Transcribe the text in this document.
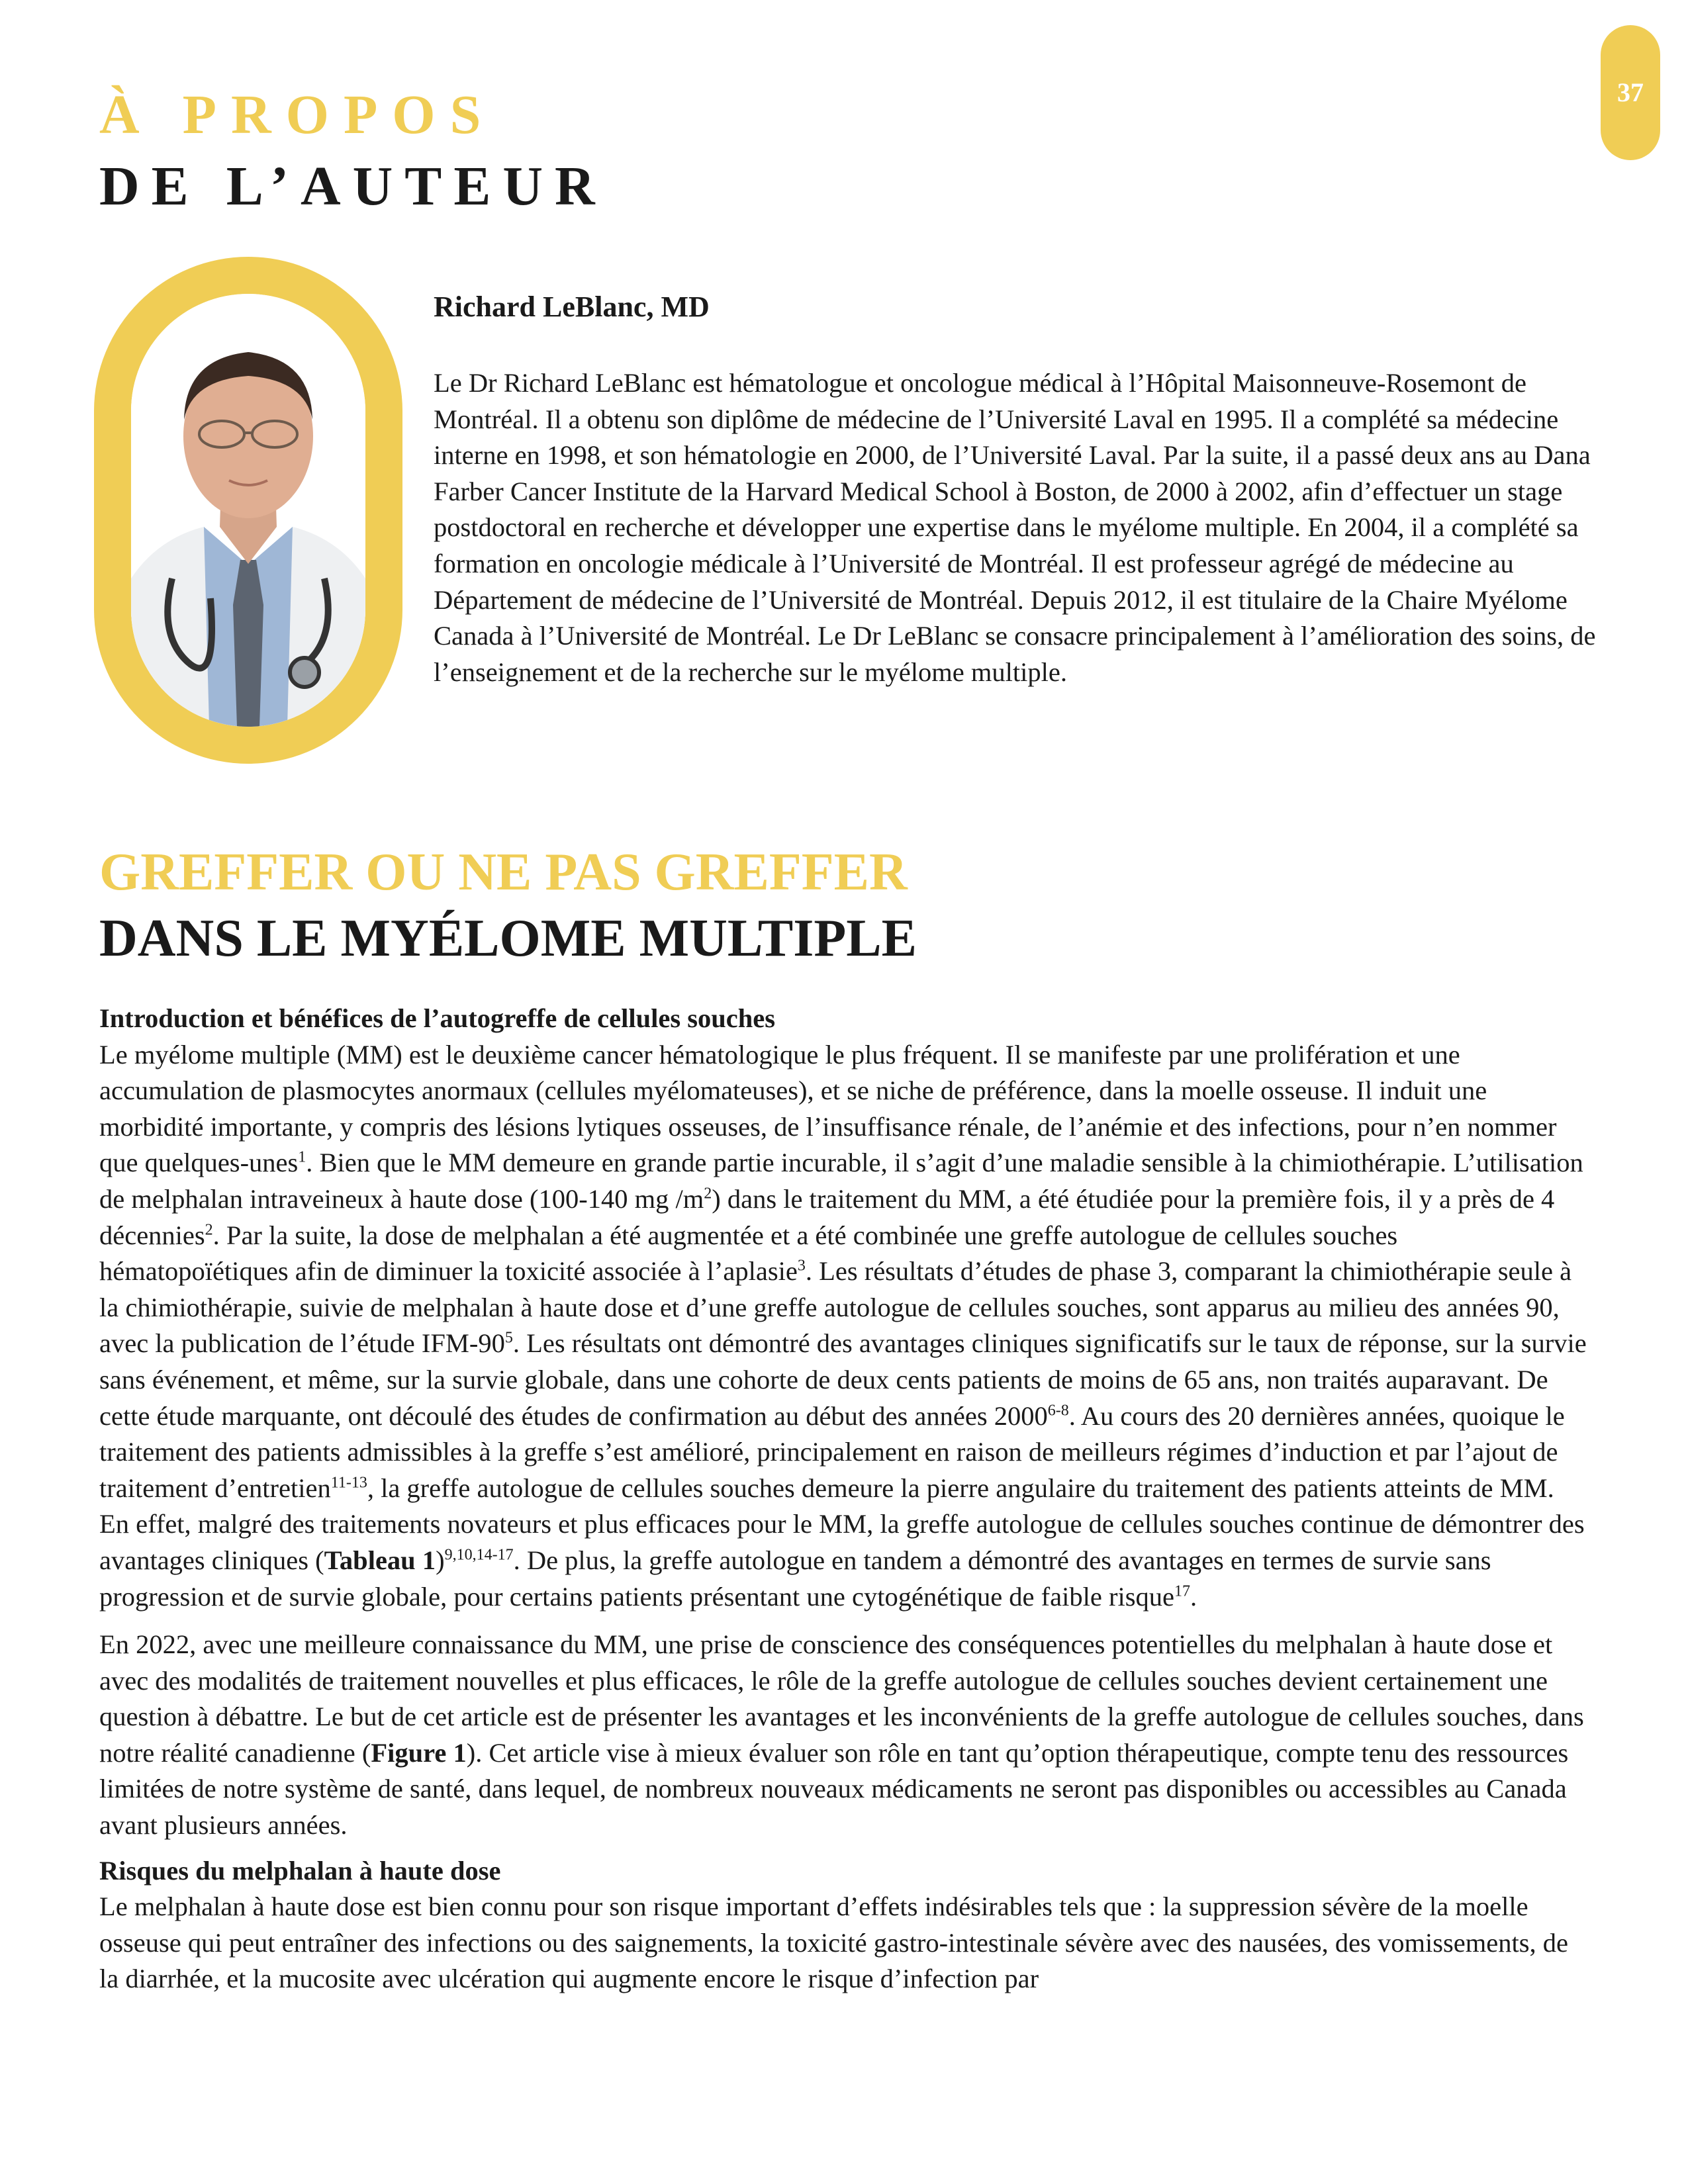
37
À PROPOS
DE L’AUTEUR
Richard LeBlanc, MD

Le Dr Richard LeBlanc est hématologue et oncologue médical à l’Hôpital Maisonneuve-Rosemont de Montréal. Il a obtenu son diplôme de médecine de l’Université Laval en 1995. Il a complété sa médecine interne en 1998, et son hématologie en 2000, de l’Université Laval. Par la suite, il a passé deux ans au Dana Farber Cancer Institute de la Harvard Medical School à Boston, de 2000 à 2002, afin d’effectuer un stage postdoctoral en recherche et développer une expertise dans le myélome multiple. En 2004, il a complété sa formation en oncologie médicale à l’Université de Montréal. Il est professeur agrégé de médecine au Département de médecine de l’Université de Montréal. Depuis 2012, il est titulaire de la Chaire Myélome Canada à l’Université de Montréal. Le Dr LeBlanc se consacre principalement à l’amélioration des soins, de l’enseignement et de la recherche sur le myélome multiple.

GREFFER OU NE PAS GREFFER
DANS LE MYÉLOME MULTIPLE
Introduction et bénéfices de l’autogreffe de cellules souches

Le myélome multiple (MM) est le deuxième cancer hématologique le plus fréquent. Il se manifeste par une prolifération et une accumulation de plasmocytes anormaux (cellules myélomateuses), et se niche de préférence, dans la moelle osseuse. Il induit une morbidité importante, y compris des lésions lytiques osseuses, de l’insuffisance rénale, de l’anémie et des infections, pour n’en nommer que quelques-unes$^1$. Bien que le MM demeure en grande partie incurable, il s’agit d’une maladie sensible à la chimiothérapie. L’utilisation de melphalan intraveineux à haute dose (100-140 mg $/m^2$) dans le traitement du MM, a été étudiée pour la première fois, il y a près de 4 décennies$^2$. Par la suite, la dose de melphalan a été augmentée et a été combinée une greffe autologue de cellules souches hématopoïétiques afin de diminuer la toxicité associée à l’aplasie$^3$. Les résultats d’études de phase 3, comparant la chimiothérapie seule à la chimiothérapie, suivie de melphalan à haute dose et d’une greffe autologue de cellules souches, sont apparus au milieu des années 90, avec la publication de l’étude IFM-$90^5$. Les résultats ont démontré des avantages cliniques significatifs sur le taux de réponse, sur la survie sans événement, et même, sur la survie globale, dans une cohorte de deux cents patients de moins de 65 ans, non traités auparavant. De cette étude marquante, ont découlé des études de confirmation au début des années 2000$^{6-8}$. Au cours des 20 dernières années, quoique le traitement des patients admissibles à la greffe s’est amélioré, principalement en raison de meilleurs régimes d’induction et par l’ajout de traitement d’entretien$^{11-13}$, la greffe autologue de cellules souches demeure la pierre angulaire du traitement des patients atteints de MM. En effet, malgré des traitements novateurs et plus efficaces pour le MM, la greffe autologue de cellules souches continue de démontrer des avantages cliniques (Tableau 1)$^{9,10,14-17}$. De plus, la greffe autologue en tandem a démontré des avantages en termes de survie sans progression et de survie globale, pour certains patients présentant une cytogénétique de faible risque$^{17}$.

En 2022, avec une meilleure connaissance du MM, une prise de conscience des conséquences potentielles du melphalan à haute dose et avec des modalités de traitement nouvelles et plus efficaces, le rôle de la greffe autologue de cellules souches devient certainement une question à débattre. Le but de cet article est de présenter les avantages et les inconvénients de la greffe autologue de cellules souches, dans notre réalité canadienne (Figure 1). Cet article vise à mieux évaluer son rôle en tant qu’option thérapeutique, compte tenu des ressources limitées de notre système de santé, dans lequel, de nombreux nouveaux médicaments ne seront pas disponibles ou accessibles au Canada avant plusieurs années.

Risques du melphalan à haute dose

Le melphalan à haute dose est bien connu pour son risque important d’effets indésirables tels que : la suppression sévère de la moelle osseuse qui peut entraîner des infections ou des saignements, la toxicité gastro-intestinale sévère avec des nausées, des vomissements, de la diarrhée, et la mucosite avec ulcération qui augmente encore le risque d’infection par
